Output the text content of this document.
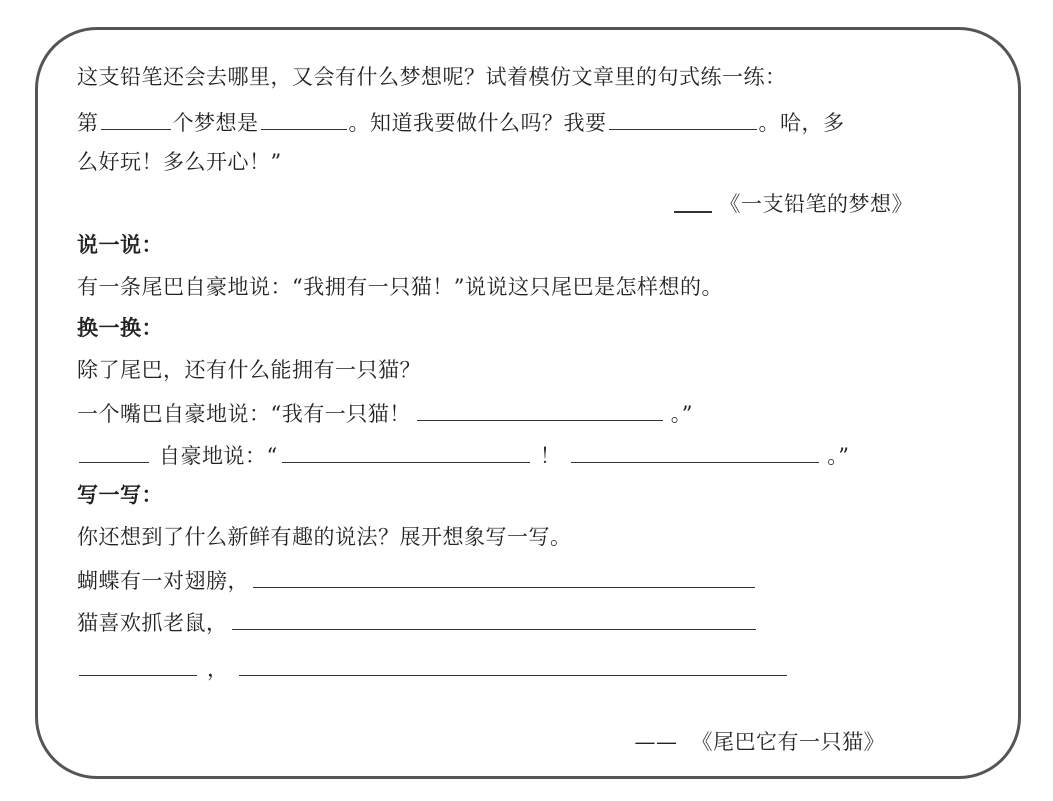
这支铅笔还会去哪里，又会有什么梦想呢？试着模仿文章里的句式练一练：
第	个梦想是	。知道我要做什么吗？我要	。哈，多
么好玩！多么开心！”
《一支铅笔的梦想》
说一说：
有一条尾巴自豪地说：“我拥有一只猫！”说说这只尾巴是怎样想的。
换一换：
除了尾巴，还有什么能拥有一只猫？
一个嘴巴自豪地说：“我有一只猫！	。”
自豪地说：“	！	。”
写一写：
你还想到了什么新鲜有趣的说法？展开想象写一写。
蝴蝶有一对翅膀，
猫喜欢抓老鼠，
，
—— 《尾巴它有一只猫》
